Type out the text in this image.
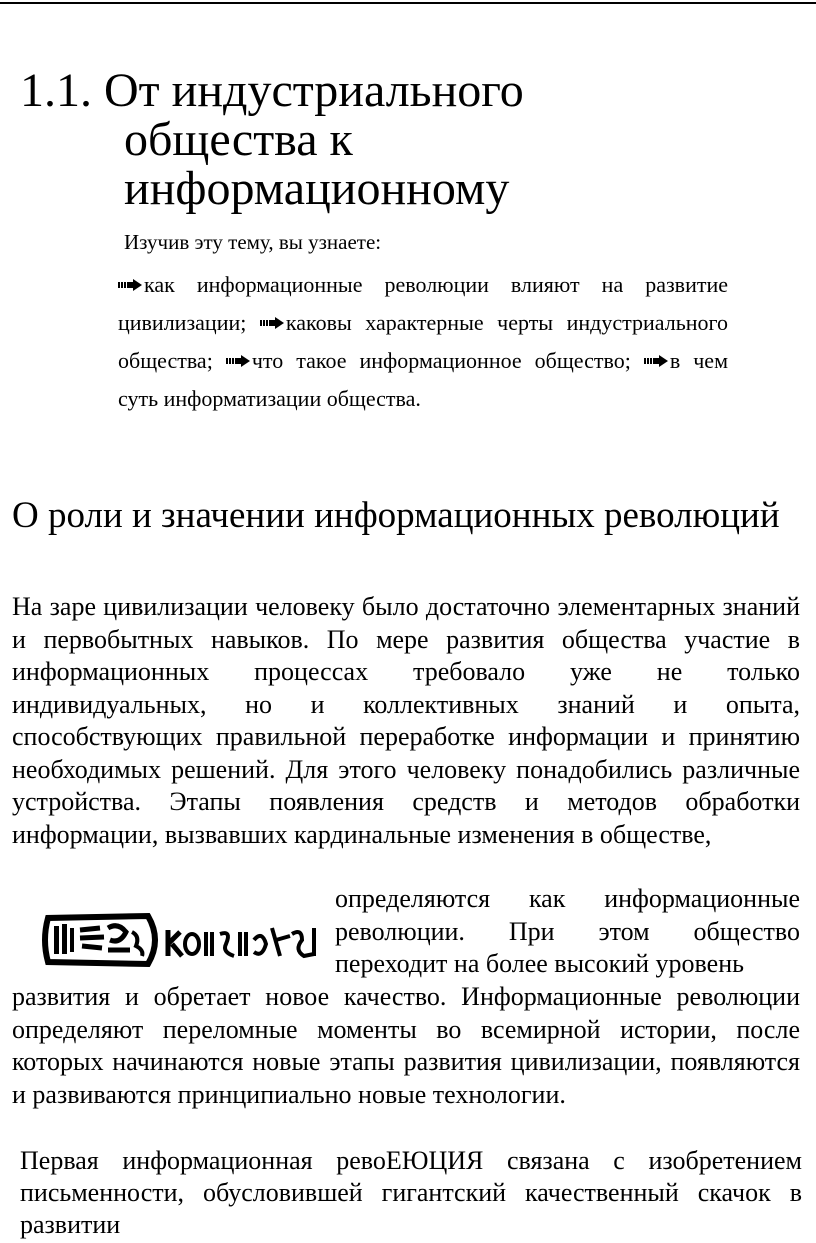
1.1. От индустриального
общества к
информационному
Изучив эту тему, вы узнаете:
как информационные революции влияют на развитие цивилизации; каковы характерные черты индустриального общества; что такое информационное общество; в чем суть информатизации общества.
О роли и значении информационных революций

На заре цивилизации человеку было достаточно элементарных знаний и первобытных навыков. По мере развития общества участие в информационных процессах требовало уже не только индивидуальных, но и коллективных знаний и опыта, способствующих правильной переработке информации и принятию необходимых решений. Для этого человеку понадобились различные устройства. Этапы появления средств и методов обработки информации, вызвавших кардинальные изменения в обществе,

определяются как информационные революции. При этом общество переходит на более высокий уровень

развития и обретает новое качество. Информационные революции определяют переломные моменты во всемирной истории, после которых начинаются новые этапы развития цивилизации, появляются и развиваются принципиально новые технологии.

Первая информационная ревоЕЮЦИЯ связана с изобретением письменности, обусловившей гигантский качественный скачок в развитии
